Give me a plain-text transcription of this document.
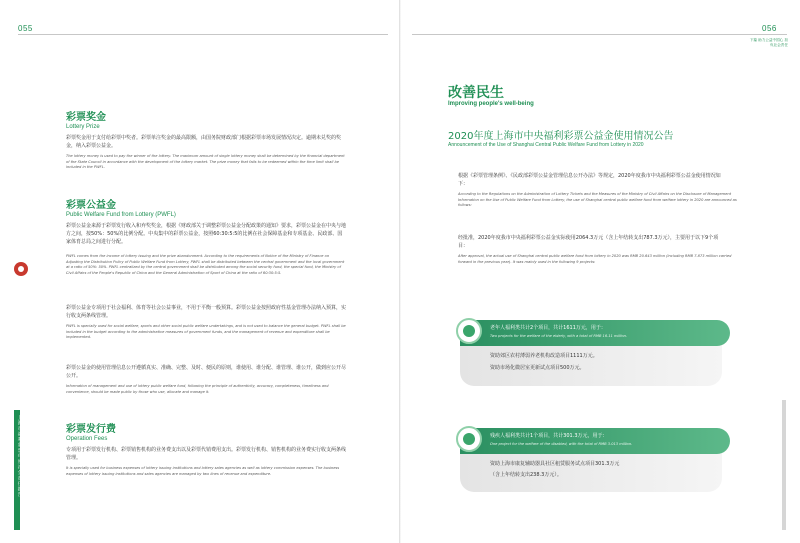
055
上海市福利彩票年度社会责任报告
彩票奖金
Lottery Prize
彩票奖金用于支付给彩票中奖者。彩票单注奖金的最高限额，由国务院财政部门根据彩票市场发展情况决定。逾期未兑奖的奖金，纳入彩票公益金。
The lottery money is used to pay the winner of the lottery. The maximum amount of single lottery money shall be determined by the financial department of the State Council in accordance with the development of the lottery market. The prize money that fails to be redeemed within the time limit shall be included in the PWFL.
彩票公益金
Public Welfare Fund from Lottery (PWFL)
彩票公益金来源于彩票发行收入和弃奖奖金，根据《财政部关于调整彩票公益金分配政策的通知》要求，彩票公益金在中央与地方之间，按50%：50%的比例分配。中央集中的彩票公益金，按照60:30:5:5的比例在社会保障基金和专项基金、民政部、国家体育总局之间进行分配。
PWFL comes from the income of lottery issuing and the prize abandonment. According to the requirements of Notice of the Ministry of Finance on Adjusting the Distribution Policy of Public Welfare Fund from Lottery, PWFL shall be distributed between the central government and the local government at a ratio of 50%: 50%. PWFL centralized by the central government shall be distributed among the social security fund, the special fund, the Ministry of Civil Affairs of the People's Republic of China and the General Administration of Sport of China at the ratio of 60:30:5:5.
彩票公益金专项用于社会福利、体育等社会公益事业，不用于平衡一般预算。彩票公益金按照政府性基金管理办法纳入预算，实行收支两条线管理。
PWFL is specially used for social welfare, sports and other social public welfare undertakings, and is not used to balance the general budget. PWFL shall be included in the budget according to the administrative measures of government funds, and the management of revenue and expenditure shall be implemented.
彩票公益金的使用管理信息公开遵循真实、准确、完整、及时、便民的原则，谁使用、谁分配、谁管理、谁公开，做到应公开尽公开。
Information of management and use of lottery public welfare fund, following the principle of authenticity, accuracy, completeness, timeliness and convenience, should be made public by those who use, allocate and manage it.
彩票发行费
Operation Fees
专项用于彩票发行机构、彩票销售机构的业务费支出以及彩票代销费用支出。彩票发行机构、销售机构的业务费实行收支两条线管理。
It is specially used for business expenses of lottery issuing institutions and lottery sales agencies as well as lottery commission expenses. The business expenses of lottery issuing institutions and sales agencies are managed by two lines of revenue and expenditure.
056
下篇 助力公益中国心 担负社会责任
改善民生
Improving people's well-being
2020年度上海市中央福利彩票公益金使用情况公告
Announcement of the Use of Shanghai Central Public Welfare Fund from Lottery in 2020
根据《彩票管理条例》、《民政部彩票公益金管理信息公开办法》等规定，2020年度我市中央福利彩票公益金使用情况如下：
According to the Regulations on the Administration of Lottery Tickets and the Measures of the Ministry of Civil Affairs on the Disclosure of Management Information on the Use of Public Welfare Fund from Lottery, the use of Shanghai central public welfare fund from welfare lottery in 2020 are announced as follows:
经批准，2020年度我市中央福利彩票公益金实际使用2064.3万元（含上年结转支出787.3万元），主要用于以下9个项目：
After approval, the actual use of Shanghai central public welfare fund from lottery in 2020 was RMB 20.643 million (including RMB 7.873 million carried forward in the previous year). It was mainly used in the following 9 projects:
资助郊区农村薄弱养老机构改造项目1111万元。
资助市场化微居室更新试点项目500万元。
老年人福利类共计2个项目，共计1611万元，用于：
Two projects for the welfare of the elderly, with a total of RMB 16.11 million.
资助上海市康复辅助器具社区租赁服务试点项目301.3万元
（含上年结转支出238.3万元）。
残疾人福利类共计1个项目，共计301.3万元，用于：
One project for the welfare of the disabled, with the total of RMB 3.013 million.
